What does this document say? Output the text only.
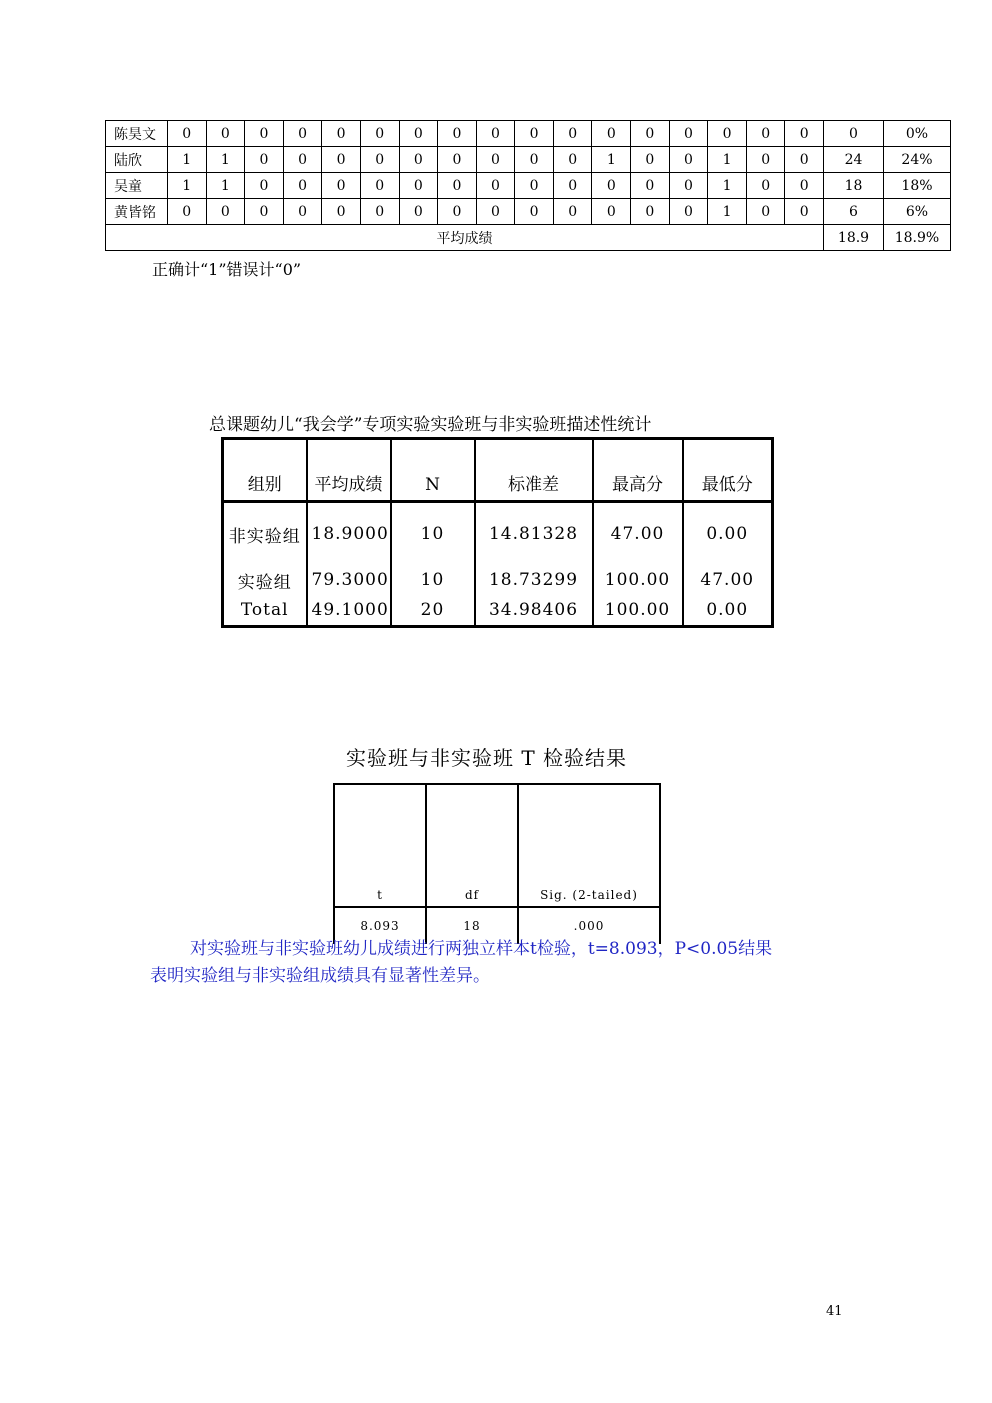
陈昊文	0	0	0	0	0	0	0	0	0	0	0	0	0	0	0	0	0	0	0%
陆欣	1	1	0	0	0	0	0	0	0	0	0	1	0	0	1	0	0	24	24%
吴童	1	1	0	0	0	0	0	0	0	0	0	0	0	0	1	0	0	18	18%
黄皆铭	0	0	0	0	0	0	0	0	0	0	0	0	0	0	1	0	0	6	6%
平均成绩																		18.9	18.9%
正确计“1”错误计“0”
总课题幼儿“我会学”专项实验实验班与非实验班描述性统计
组别	平均成绩	N	标准差	最高分	最低分
非实验组	18.9000	10	14.81328	47.00	0.00
实验组	79.3000	10	18.73299	100.00	47.00
Total	49.1000	20	34.98406	100.00	0.00
实验班与非实验班 T 检验结果
t	df	Sig. (2-tailed)
8.093	18	.000
对实验班与非实验班幼儿成绩进行两独立样本t检验，t=8.093，P<0.05结果
表明实验组与非实验组成绩具有显著性差异。
41
